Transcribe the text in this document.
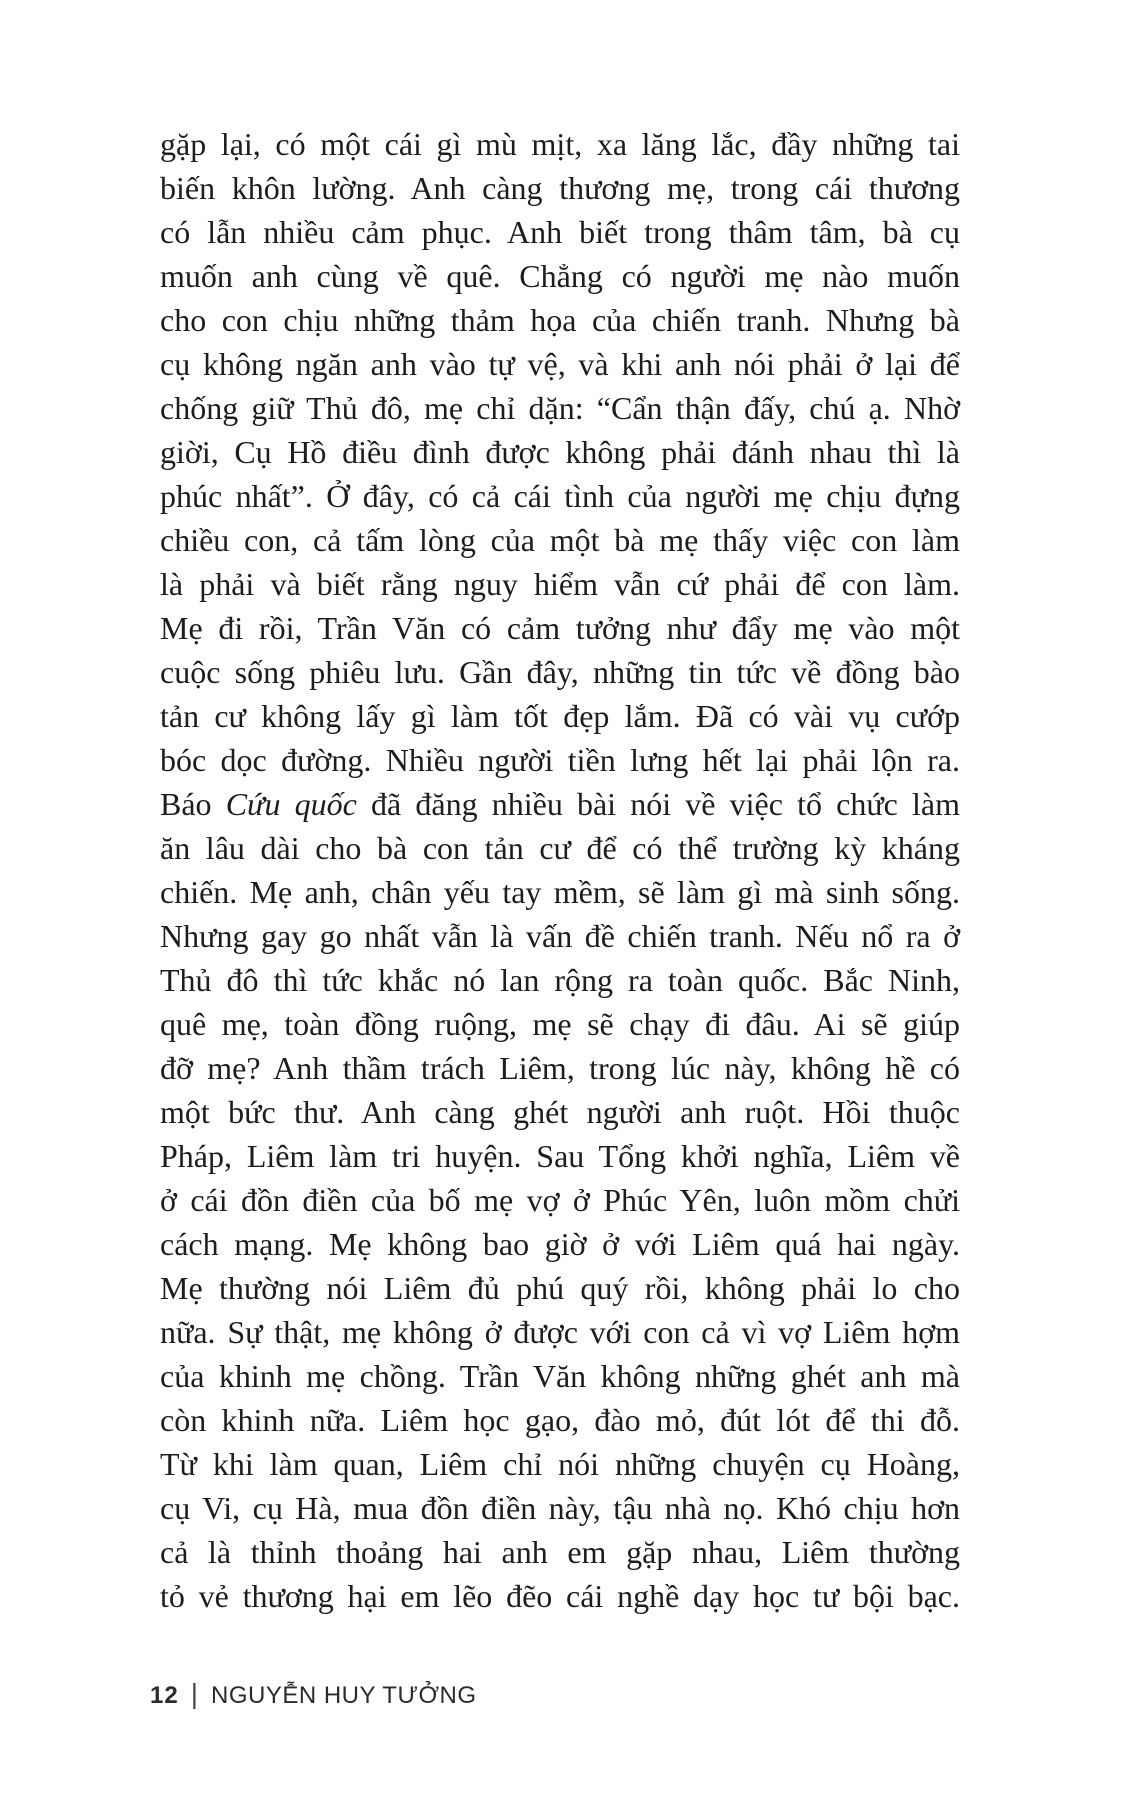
gặp lại, có một cái gì mù mịt, xa lăng lắc, đầy những tai
biến khôn lường. Anh càng thương mẹ, trong cái thương
có lẫn nhiều cảm phục. Anh biết trong thâm tâm, bà cụ
muốn anh cùng về quê. Chẳng có người mẹ nào muốn
cho con chịu những thảm họa của chiến tranh. Nhưng bà
cụ không ngăn anh vào tự vệ, và khi anh nói phải ở lại để
chống giữ Thủ đô, mẹ chỉ dặn: “Cẩn thận đấy, chú ạ. Nhờ
giời, Cụ Hồ điều đình được không phải đánh nhau thì là
phúc nhất”. Ở đây, có cả cái tình của người mẹ chịu đựng
chiều con, cả tấm lòng của một bà mẹ thấy việc con làm
là phải và biết rằng nguy hiểm vẫn cứ phải để con làm.
Mẹ đi rồi, Trần Văn có cảm tưởng như đẩy mẹ vào một
cuộc sống phiêu lưu. Gần đây, những tin tức về đồng bào
tản cư không lấy gì làm tốt đẹp lắm. Đã có vài vụ cướp
bóc dọc đường. Nhiều người tiền lưng hết lại phải lộn ra.
Báo Cứu quốc đã đăng nhiều bài nói về việc tổ chức làm
ăn lâu dài cho bà con tản cư để có thể trường kỳ kháng
chiến. Mẹ anh, chân yếu tay mềm, sẽ làm gì mà sinh sống.
Nhưng gay go nhất vẫn là vấn đề chiến tranh. Nếu nổ ra ở
Thủ đô thì tức khắc nó lan rộng ra toàn quốc. Bắc Ninh,
quê mẹ, toàn đồng ruộng, mẹ sẽ chạy đi đâu. Ai sẽ giúp
đỡ mẹ? Anh thầm trách Liêm, trong lúc này, không hề có
một bức thư. Anh càng ghét người anh ruột. Hồi thuộc
Pháp, Liêm làm tri huyện. Sau Tổng khởi nghĩa, Liêm về
ở cái đồn điền của bố mẹ vợ ở Phúc Yên, luôn mồm chửi
cách mạng. Mẹ không bao giờ ở với Liêm quá hai ngày.
Mẹ thường nói Liêm đủ phú quý rồi, không phải lo cho
nữa. Sự thật, mẹ không ở được với con cả vì vợ Liêm hợm
của khinh mẹ chồng. Trần Văn không những ghét anh mà
còn khinh nữa. Liêm học gạo, đào mỏ, đút lót để thi đỗ.
Từ khi làm quan, Liêm chỉ nói những chuyện cụ Hoàng,
cụ Vi, cụ Hà, mua đồn điền này, tậu nhà nọ. Khó chịu hơn
cả là thỉnh thoảng hai anh em gặp nhau, Liêm thường
tỏ vẻ thương hại em lẽo đẽo cái nghề dạy học tư bội bạc.
12 | NGUYỄN HUY TƯỞNG
